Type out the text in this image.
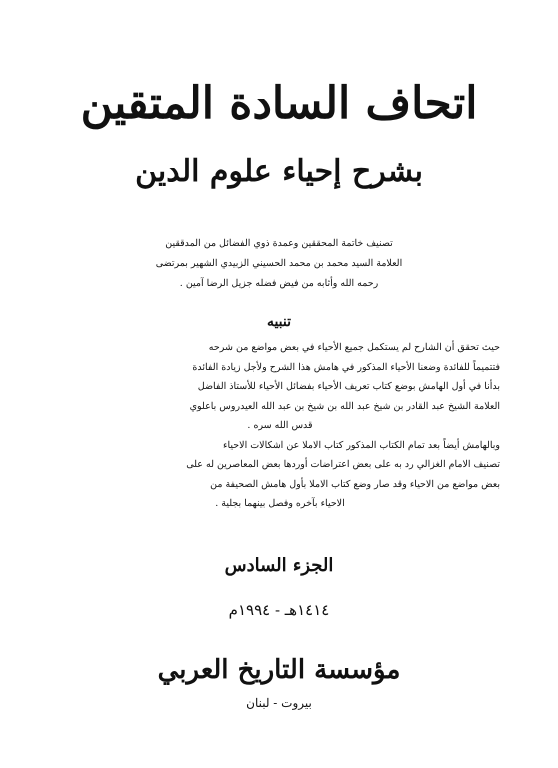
اتحاف السادة المتقين
بشرح إحياء علوم الدين
تصنيف خاتمة المحققين وعمدة ذوي الفضائل من المدققين
العلامة السيد محمد بن محمد الحسيني الزبيدي الشهير بمرتضى
رحمه الله وأثابه من فيض فضله جزيل الرضا آمين .
تنبيه
حيث تحقق أن الشارح لم يستكمل جميع الأحياء في بعض مواضع من شرحه
فتتميماً للفائدة وضعنا الأحياء المذكور في هامش هذا الشرح ولأجل زيادة الفائدة
بدأنا في أول الهامش بوضع كتاب تعريف الأحياء بفضائل الأحياء للأستاذ الفاضل
العلامة الشيخ عبد القادر بن شيخ عبد الله بن شيخ بن عبد الله العيدروس باعلوي
قدس الله سره .
وبالهامش أيضاً بعد تمام الكتاب المذكور كتاب الاملا عن اشكالات الاحياء
تصنيف الامام الغزالي رد به على بعض اعتراضات أوردها بعض المعاصرين له على
بعض مواضع من الاحياء وقد صار وضع كتاب الاملا بأول هامش الصحيفة من
الاحياء بآخره وفصل بينهما بجلية .
الجزء السادس
١٤١٤هـ - ١٩٩٤م
مؤسسة التاريخ العربي
بيروت - لبنان
